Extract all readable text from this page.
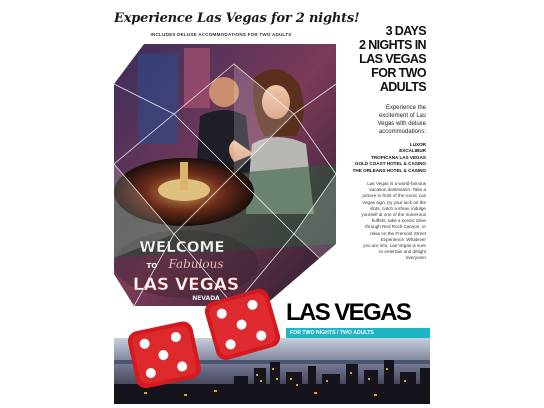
Experience Las Vegas for 2 nights!
INCLUDES DELUXE ACCOMMODATIONS FOR TWO ADULTS
WELCOME
TO Fabulous
LAS VEGAS
NEVADA
3 DAYS
2 NIGHTS IN
LAS VEGAS
FOR TWO
ADULTS
Experience the
excitement of Las
Vegas with deluxe
accommodations:
LUXOR
EXCALIBUR
TROPICANA LAS VEGAS
GOLD COAST HOTEL & CASINO
THE ORLEANS HOTEL & CASINO
Las Vegas is a world-famous
vacation destination. Take a
picture in front of the iconic Las
Vegas sign, try your luck on the
slots, catch a show, indulge
yourself at one of the numerous
buffets, take a scenic drive
through Red Rock Canyon, or
relax on the Fremont Street
Experience. Whatever
you are into, Las Vegas is sure
to entertain and delight
everyone!
LAS VEGAS
FOR TWO NIGHTS / TWO ADULTS
